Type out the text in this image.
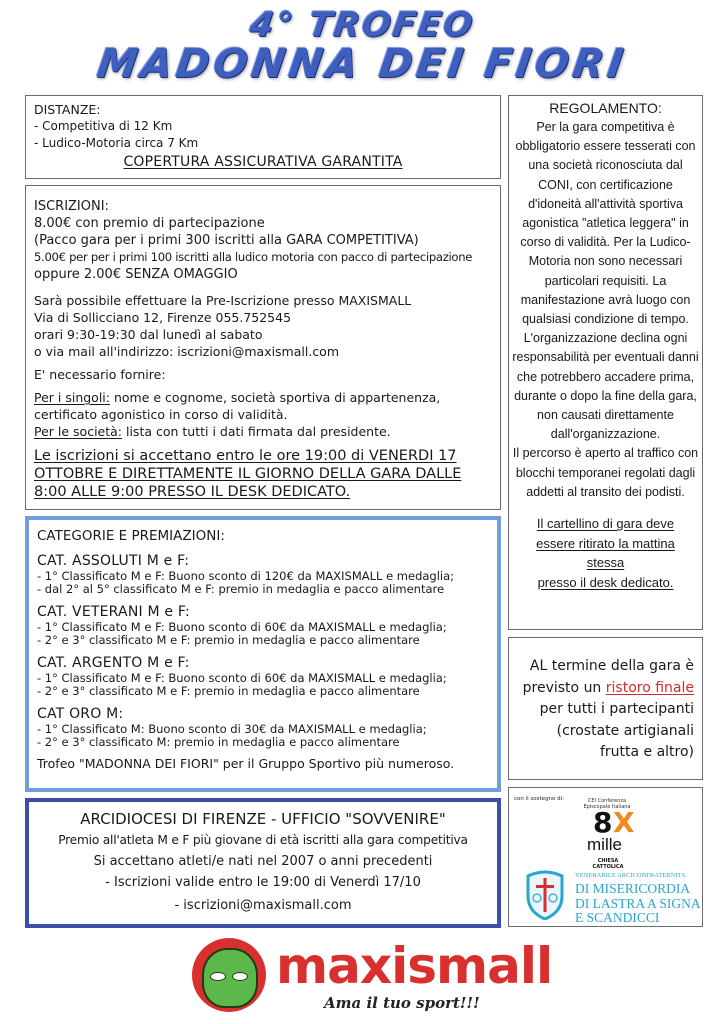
4° TROFEO
MADONNA DEI FIORI

DISTANZE:

- Competitiva di 12 Km

- Ludico-Motoria circa 7 Km

COPERTURA ASSICURATIVA GARANTITA

ISCRIZIONI:

8.00€ con premio di partecipazione

(Pacco gara per i primi 300 iscritti alla GARA COMPETITIVA)

5.00€ per per i primi 100 iscritti alla ludico motoria con pacco di partecipazione

oppure 2.00€ SENZA OMAGGIO

Sarà possibile effettuare la Pre-Iscrizione presso MAXISMALL

Via di Sollicciano 12, Firenze 055.752545

orari 9:30-19:30 dal lunedì al sabato

o via mail all'indirizzo: iscrizioni@maxismall.com

E' necessario fornire:

Per i singoli: nome e cognome, società sportiva di appartenenza, certificato agonistico in corso di validità.

Per le società: lista con tutti i dati firmata dal presidente.

Le iscrizioni si accettano entro le ore 19:00 di VENERDI 17 OTTOBRE E DIRETTAMENTE IL GIORNO DELLA GARA DALLE 8:00 ALLE 9:00 PRESSO IL DESK DEDICATO.

CATEGORIE E PREMIAZIONI:

CAT. ASSOLUTI M e F:

- 1° Classificato M e F: Buono sconto di 120€ da MAXISMALL e medaglia;

- dal 2° al 5° classificato M e F: premio in medaglia e pacco alimentare

CAT. VETERANI M e F:

- 1° Classificato M e F: Buono sconto di 60€ da MAXISMALL e medaglia;

- 2° e 3° classificato M e F: premio in medaglia e pacco alimentare

CAT. ARGENTO M e F:

- 1° Classificato M e F: Buono sconto di 60€ da MAXISMALL e medaglia;

- 2° e 3° classificato M e F: premio in medaglia e pacco alimentare

CAT ORO M:

- 1° Classificato M: Buono sconto di 30€ da MAXISMALL e medaglia;

- 2° e 3° classificato M: premio in medaglia e pacco alimentare

Trofeo "MADONNA DEI FIORI" per il Gruppo Sportivo più numeroso.

ARCIDIOCESI DI FIRENZE - UFFICIO "SOVVENIRE"

Premio all'atleta M e F più giovane di età iscritti alla gara competitiva

Si accettano atleti/e nati nel 2007 o anni precedenti

- Iscrizioni valide entro le 19:00 di Venerdì 17/10

- iscrizioni@maxismall.com

REGOLAMENTO:

Per la gara competitiva è obbligatorio essere tesserati con una società riconosciuta dal CONI, con certificazione d'idoneità all'attività sportiva agonistica "atletica leggera" in corso di validità. Per la Ludico-Motoria non sono necessari particolari requisiti. La manifestazione avrà luogo con qualsiasi condizione di tempo. L'organizzazione declina ogni responsabilità per eventuali danni che potrebbero accadere prima, durante o dopo la fine della gara, non causati direttamente dall'organizzazione.

Il percorso è aperto al traffico con blocchi temporanei regolati dagli addetti al transito dei podisti.

Il cartellino di gara deve

essere ritirato la mattina

stessa

presso il desk dedicato.

AL termine della gara è previsto un ristoro finale per tutti i partecipanti (crostate artigianali frutta e altro)

con il sostegno di:	CEI Conferenza Episcopale Italiana
8 X
mille
CHIESA CATTOLICA
VENERABILE ARCICONFRATERNITA
DI MISERICORDIA
DI LASTRA A SIGNA
E SCANDICCI
maxismall
Ama il tuo sport!!!
